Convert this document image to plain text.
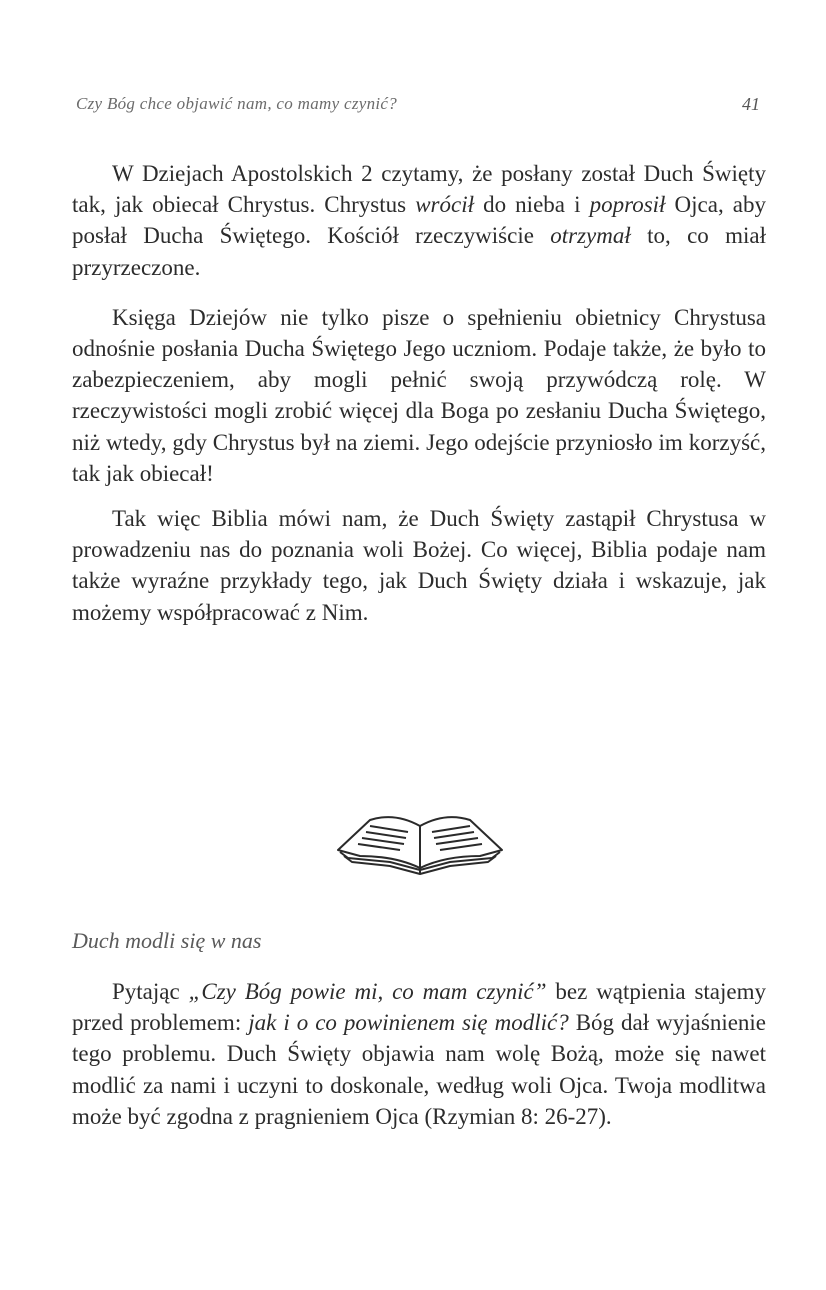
Czy Bóg chce objawić nam, co mamy czynić?	41

W Dziejach Apostolskich 2 czytamy, że posłany został Duch Święty tak, jak obiecał Chrystus. Chrystus wrócił do nieba i poprosił Ojca, aby posłał Ducha Świętego. Kościół rzeczywiście otrzymał to, co miał przyrzeczone.

Księga Dziejów nie tylko pisze o spełnieniu obietnicy Chrystusa odnośnie posłania Ducha Świętego Jego uczniom. Podaje także, że było to zabezpieczeniem, aby mogli pełnić swoją przywódczą rolę. W rzeczywistości mogli zrobić więcej dla Boga po zesłaniu Ducha Świętego, niż wtedy, gdy Chrystus był na ziemi. Jego odejście przyniosło im korzyść, tak jak obiecał!

Tak więc Biblia mówi nam, że Duch Święty zastąpił Chrystusa w prowadzeniu nas do poznania woli Bożej. Co więcej, Biblia podaje nam także wyraźne przykłady tego, jak Duch Święty działa i wskazuje, jak możemy współpracować z Nim.

Duch modli się w nas

Pytając „Czy Bóg powie mi, co mam czynić” bez wątpienia stajemy przed problemem: jak i o co powinienem się modlić? Bóg dał wyjaśnienie tego problemu. Duch Święty objawia nam wolę Bożą, może się nawet modlić za nami i uczyni to doskonale, według woli Ojca. Twoja modlitwa może być zgodna z pragnieniem Ojca (Rzymian 8: 26-27).
